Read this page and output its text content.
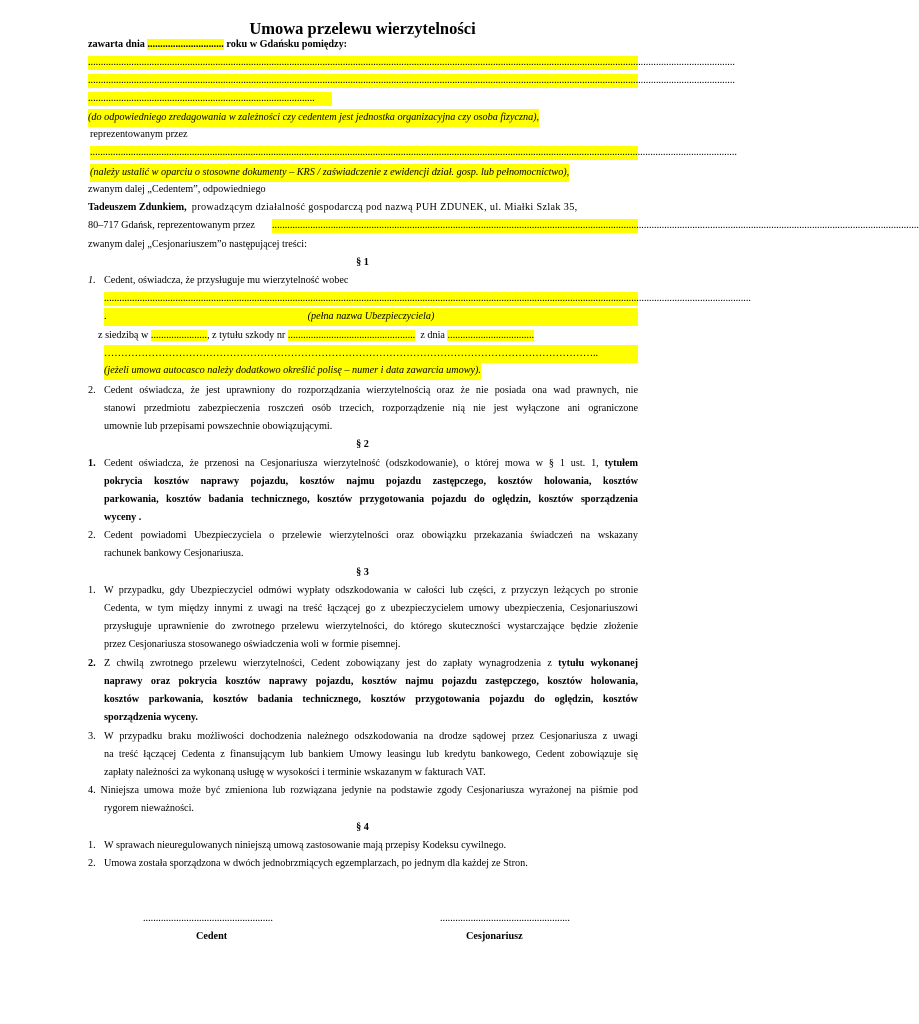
Umowa przelewu wierzytelności
zawarta dnia .............................. roku w Gdańsku pomiędzy:
..............................................................................................................................................................................................................................................................
..............................................................................................................................................................................................................................................................
.........................................................................................
(do odpowiedniego zredagowania w zależności czy cedentem jest jednostka organizacyjna czy osoba fizyczna),
reprezentowanym przez
..............................................................................................................................................................................................................................................................
(należy ustalić w oparciu o stosowne dokumenty – KRS / zaświadczenie z ewidencji dział. gosp. lub pełnomocnictwo),
zwanym dalej „Cedentem”, odpowiedniego
Tadeuszem Zdunkiem, prowadzącym działalność gospodarczą pod nazwą PUH ZDUNEK, ul. Miałki Szlak 35,
80–717 Gdańsk, reprezentowanym przez ..............................................................................................................................................................................................................................................................
zwanym dalej „Cesjonariuszem”o następującej treści:
§ 1
1. Cedent, oświadcza, że przysługuje mu wierzytelność wobec
..............................................................................................................................................................................................................................................................
(pełna nazwa Ubezpieczyciela)
.
z siedzibą w ......................, z tytułu szkody nr .................................................. z dnia ..................................
………………………………………………………………………………………………………………………………..
(jeżeli umowa autocasco należy dodatkowo określić polisę – numer i data zawarcia umowy).
2. Cedent oświadcza, że jest uprawniony do rozporządzania wierzytelnością oraz że nie posiada ona wad prawnych, nie
stanowi przedmiotu zabezpieczenia roszczeń osób trzecich, rozporządzenie nią nie jest wyłączone ani ograniczone
umownie lub przepisami powszechnie obowiązującymi.
§ 2
1. Cedent oświadcza, że przenosi na Cesjonariusza wierzytelność (odszkodowanie), o której mowa w § 1 ust. 1, tytułem
pokrycia kosztów naprawy pojazdu, kosztów najmu pojazdu zastępczego, kosztów holowania, kosztów
parkowania, kosztów badania technicznego, kosztów przygotowania pojazdu do oględzin, kosztów sporządzenia
wyceny .
2. Cedent powiadomi Ubezpieczyciela o przelewie wierzytelności oraz obowiązku przekazania świadczeń na wskazany
rachunek bankowy Cesjonariusza.
§ 3
1. W przypadku, gdy Ubezpieczyciel odmówi wypłaty odszkodowania w całości lub części, z przyczyn leżących po stronie
Cedenta, w tym między innymi z uwagi na treść łączącej go z ubezpieczycielem umowy ubezpieczenia, Cesjonariuszowi
przysługuje uprawnienie do zwrotnego przelewu wierzytelności, do którego skuteczności wystarczające będzie złożenie
przez Cesjonariusza stosowanego oświadczenia woli w formie pisemnej.
2. Z chwilą zwrotnego przelewu wierzytelności, Cedent zobowiązany jest do zapłaty wynagrodzenia z tytułu wykonanej
naprawy oraz pokrycia kosztów naprawy pojazdu, kosztów najmu pojazdu zastępczego, kosztów holowania,
kosztów parkowania, kosztów badania technicznego, kosztów przygotowania pojazdu do oględzin, kosztów
sporządzenia wyceny.
3. W przypadku braku możliwości dochodzenia należnego odszkodowania na drodze sądowej przez Cesjonariusza z uwagi
na treść łączącej Cedenta z finansującym lub bankiem Umowy leasingu lub kredytu bankowego, Cedent zobowiązuje się
zapłaty należności za wykonaną usługę w wysokości i terminie wskazanym w fakturach VAT.
4. Niniejsza umowa może być zmieniona lub rozwiązana jedynie na podstawie zgody Cesjonariusza wyrażonej na piśmie pod
rygorem nieważności.
§ 4
1. W sprawach nieuregulowanych niniejszą umową zastosowanie mają przepisy Kodeksu cywilnego.
2. Umowa została sporządzona w dwóch jednobrzmiących egzemplarzach, po jednym dla każdej ze Stron.
...................................................	...................................................
Cedent	Cesjonariusz
